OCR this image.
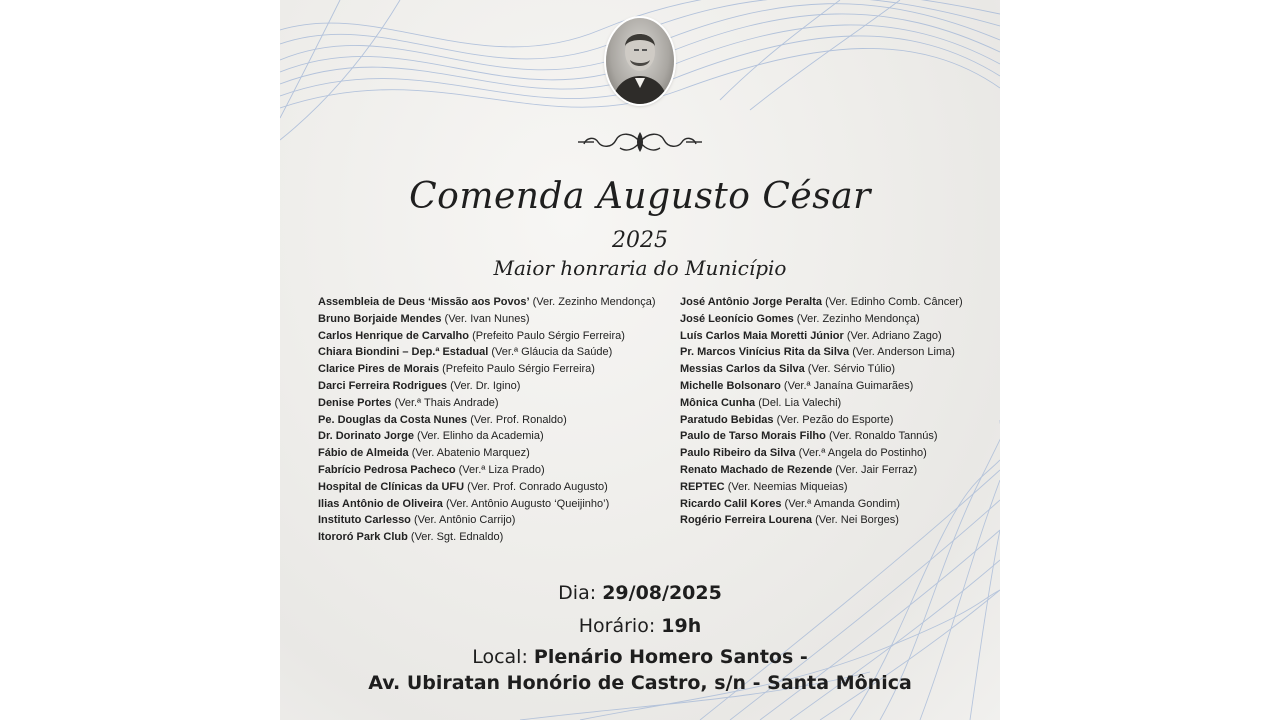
Comenda Augusto César
2025
Maior honraria do Município
Assembleia de Deus ‘Missão aos Povos’ (Ver. Zezinho Mendonça)
Bruno Borjaide Mendes (Ver. Ivan Nunes)
Carlos Henrique de Carvalho (Prefeito Paulo Sérgio Ferreira)
Chiara Biondini – Dep.ª Estadual (Ver.ª Gláucia da Saúde)
Clarice Pires de Morais (Prefeito Paulo Sérgio Ferreira)
Darci Ferreira Rodrigues (Ver. Dr. Igino)
Denise Portes (Ver.ª Thais Andrade)
Pe. Douglas da Costa Nunes (Ver. Prof. Ronaldo)
Dr. Dorinato Jorge (Ver. Elinho da Academia)
Fábio de Almeida (Ver. Abatenio Marquez)
Fabrício Pedrosa Pacheco (Ver.ª Liza Prado)
Hospital de Clínicas da UFU (Ver. Prof. Conrado Augusto)
Ilias Antônio de Oliveira (Ver. Antônio Augusto ‘Queijinho’)
Instituto Carlesso (Ver. Antônio Carrijo)
Itororó Park Club (Ver. Sgt. Ednaldo)
José Antônio Jorge Peralta (Ver. Edinho Comb. Câncer)
José Leonício Gomes (Ver. Zezinho Mendonça)
Luís Carlos Maia Moretti Júnior (Ver. Adriano Zago)
Pr. Marcos Vinícius Rita da Silva (Ver. Anderson Lima)
Messias Carlos da Silva (Ver. Sérvio Túlio)
Michelle Bolsonaro (Ver.ª Janaína Guimarães)
Mônica Cunha (Del. Lia Valechi)
Paratudo Bebidas (Ver. Pezão do Esporte)
Paulo de Tarso Morais Filho (Ver. Ronaldo Tannús)
Paulo Ribeiro da Silva (Ver.ª Angela do Postinho)
Renato Machado de Rezende (Ver. Jair Ferraz)
REPTEC (Ver. Neemias Miqueias)
Ricardo Calil Kores (Ver.ª Amanda Gondim)
Rogério Ferreira Lourena (Ver. Nei Borges)
Dia: 29/08/2025
Horário: 19h
Local: Plenário Homero Santos -
Av. Ubiratan Honório de Castro, s/n - Santa Mônica
